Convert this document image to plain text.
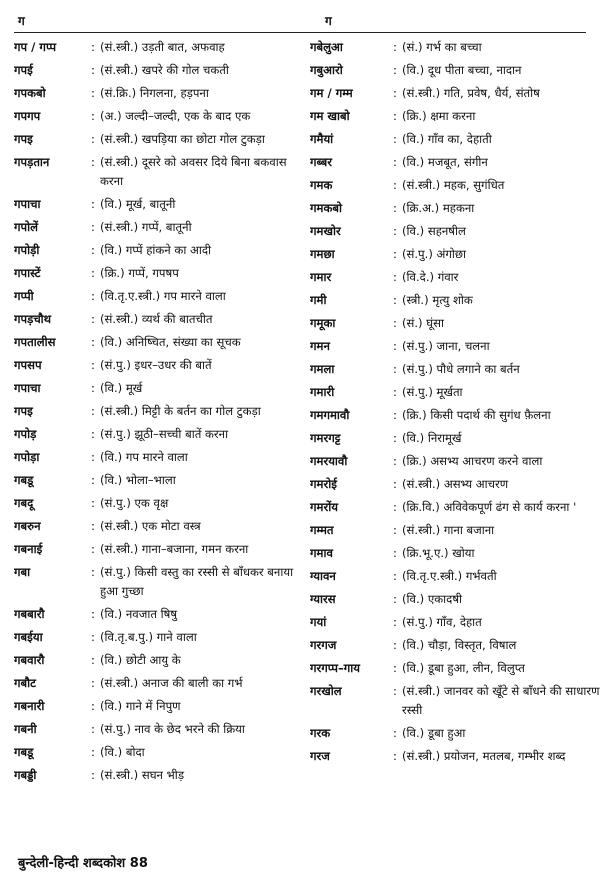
ग	ग
गप / गप्प	: (सं.स्त्री.) उड़ती बात, अफवाह
गपई	: (सं.स्त्री.) खपरे की गोल चकती
गपकबो	: (सं.क्रि.) निगलना, हड़पना
गपगप	: (अ.) जल्दी–जल्दी, एक के बाद एक
गपइ	: (सं.स्त्री.) खपड़िया का छोटा गोल टुकड़ा
गपड़तान	: (सं.स्त्री.) दूसरे को अवसर दिये बिना बकवास करना
गपाचा	: (वि.) मूर्ख, बातूनी
गपोलें	: (सं.स्त्री.) गप्पें, बातूनी
गपोड़ी	: (वि.) गप्पें हांकने का आदी
गपास्टें	: (क्रि.) गप्पें, गपषप
गप्पी	: (वि.तृ.ए.स्त्री.) गप मारने वाला
गपड़चौथ	: (सं.स्त्री.) व्यर्थ की बातचीत
गपतालीस	: (वि.) अनिष्चित, संख्या का सूचक
गपसप	: (सं.पु.) इधर–उधर की बातें
गपाचा	: (वि.) मूर्ख
गपइ	: (सं.स्त्री.) मिट्टी के बर्तन का गोल टुकड़ा
गपोड़	: (सं.पु.) झूठी–सच्ची बातें करना
गपोड़ा	: (वि.) गप मारने वाला
गबडू	: (वि.) भोला–भाला
गबदू	: (सं.पु.) एक वृक्ष
गबरुन	: (सं.स्त्री.) एक मोटा वस्त्र
गबनाई	: (सं.स्त्री.) गाना–बजाना, गमन करना
गबा	: (सं.पु.) किसी वस्तु का रस्सी से बाँधकर बनाया हुआ गुच्छा
गबबारौ	: (वि.) नवजात षिषु
गबईया	: (वि.तृ.ब.पु.) गाने वाला
गबवारौ	: (वि.) छोटी आयु के
गबौट	: (सं.स्त्री.) अनाज की बाली का गर्भ
गबनारी	: (वि.) गाने में निपुण
गबनी	: (सं.पु.) नाव के छेद भरने की क्रिया
गबडू	: (वि.) बोदा
गबड्डी	: (सं.स्त्री.) सघन भीड़
गबेलुआ	: (सं.) गर्भ का बच्चा
गबुआरो	: (वि.) दूध पीता बच्चा, नादान
गम / गम्म	: (सं.स्त्री.) गति, प्रवेष, धैर्य, संतोष
गम खाबो	: (क्रि.) क्षमा करना
गमैयां	: (वि.) गाँव का, देहाती
गब्बर	: (वि.) मजबूत, संगीन
गमक	: (सं.स्त्री.) महक, सुगंधित
गमकबो	: (क्रि.अ.) महकना
गमखोर	: (वि.) सहनषील
गमछा	: (सं.पु.) अंगोछा
गमार	: (वि.दे.) गंवार
गमी	: (स्त्री.) मृत्यु शोक
गमूका	: (सं.) घूंसा
गमन	: (सं.पु.) जाना, चलना
गमला	: (सं.पु.) पौधे लगाने का बर्तन
गमारी	: (सं.पु.) मूर्खता
गमगमावौ	: (क्रि.) किसी पदार्थ की सुगंध फ़ैलना
गमरगट्ट	: (वि.) निरामूर्ख
गमरयावौ	: (क्रि.) असभ्य आचरण करने वाला
गमरोई	: (सं.स्त्री.) असभ्य आचरण
गमरोंय	: (क्रि.वि.) अविवेकपूर्ण ढंग से कार्य करना '
गम्मत	: (सं.स्त्री.) गाना बजाना
गमाव	: (क्रि.भू.ए.) खोया
ग्यावन	: (वि.तृ.ए.स्त्री.) गर्भवती
ग्यारस	: (वि.) एकादषी
गयां	: (सं.पु.) गाँव, देहात
गरगज	: (वि.) चौड़ा, विस्तृत, विषाल
गरगप्प–गाय	: (वि.) डूबा हुआ, लीन, विलुप्त
गरखोल	: (सं.स्त्री.) जानवर को खूँटे से बाँधने की साधारण रस्सी
गरक	: (वि.) डूबा हुआ
गरज	: (सं.स्त्री.) प्रयोजन, मतलब, गम्भीर शब्द
बुन्देली-हिन्दी शब्दकोश 88
